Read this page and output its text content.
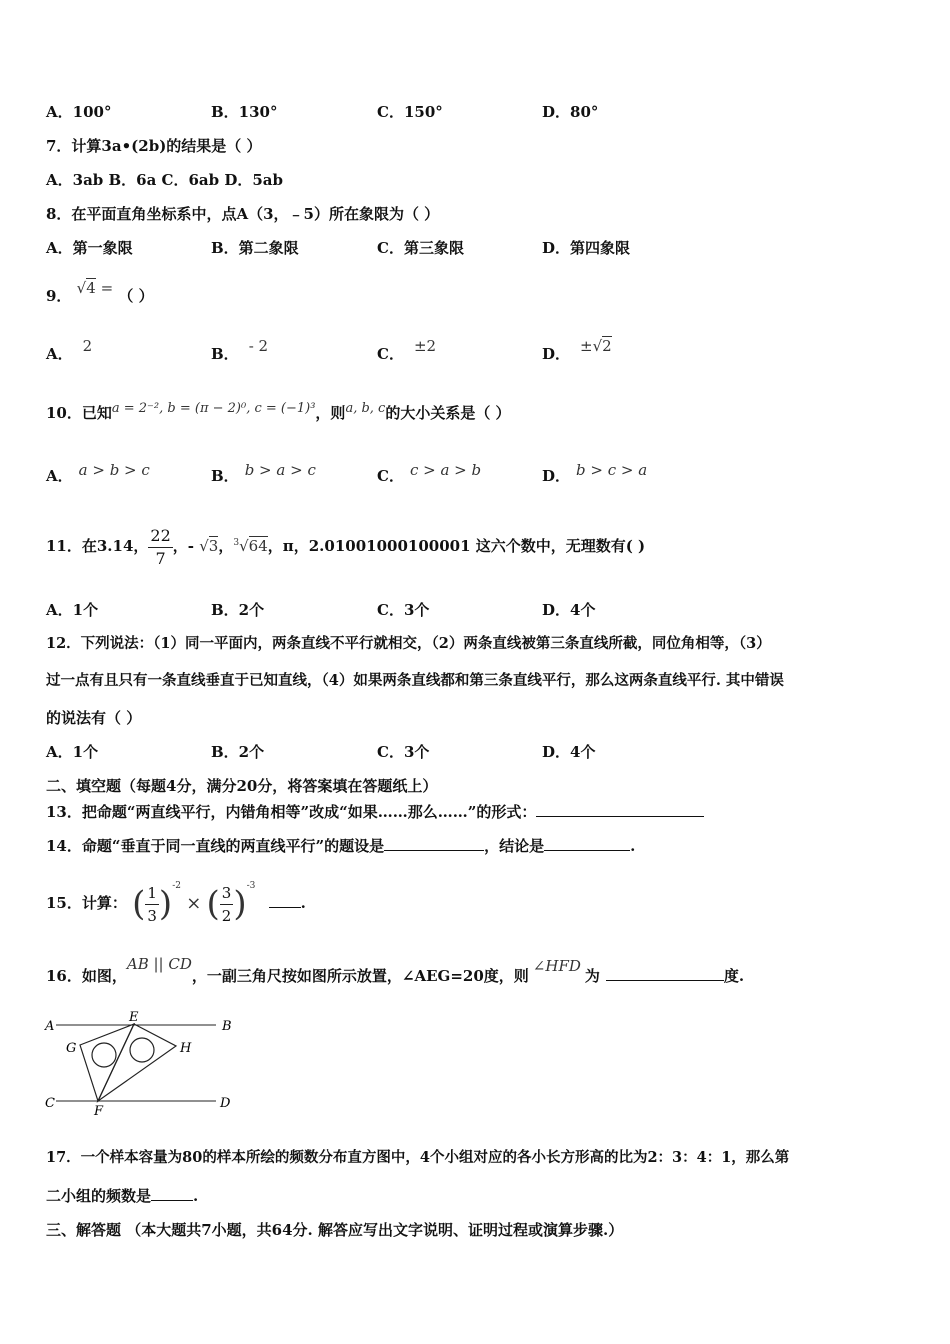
A．100°	B．130°	C．150°	D．80°
7．计算3a•(2b)的结果是（ ）
A．3ab B．6a C．6ab D．5ab
8．在平面直角坐标系中，点A（3，﹣5）所在象限为（ ）
A．第一象限	B．第二象限	C．第三象限	D．第四象限
9． √4 = （ ）
A． 2	B． - 2	C． ±2	D． ±√2
10．已知a = 2⁻², b = (π − 2)⁰, c = (−1)³，则a, b, c的大小关系是（ ）
A． a > b > c	B． b > a > c	C． c > a > b	D． b > c > a
11．在3.14， $\frac{22}{7}$ ，- √3，$^3$√64，π，2.01001000100001 这六个数中，无理数有( )
A．1个	B．2个	C．3个	D．4个
12．下列说法：（1）同一平面内，两条直线不平行就相交，（2）两条直线被第三条直线所截，同位角相等，（3）
过一点有且只有一条直线垂直于已知直线，（4）如果两条直线都和第三条直线平行，那么这两条直线平行. 其中错误
的说法有（ ）
A．1个	B．2个	C．3个	D．4个
二、填空题（每题4分，满分20分，将答案填在答题纸上）
13．把命题“两直线平行，内错角相等”改成“如果……那么……”的形式：
14．命题“垂直于同一直线的两直线平行”的题设是	，结论是	.
15．计算： ( $\frac{1}{3} )^{-2}$ × ( $\frac{3}{2} )^{-3}$ .
16．如图，AB || CD，一副三角尺按如图所示放置，∠AEG=20度，则∠HFD为	度.
A	B
C	D
E
F
G	H
17．一个样本容量为80的样本所绘的频数分布直方图中，4个小组对应的各小长方形高的比为2：3：4：1，那么第
二小组的频数是	.
三、解答题 （本大题共7小题，共64分. 解答应写出文字说明、证明过程或演算步骤.）
